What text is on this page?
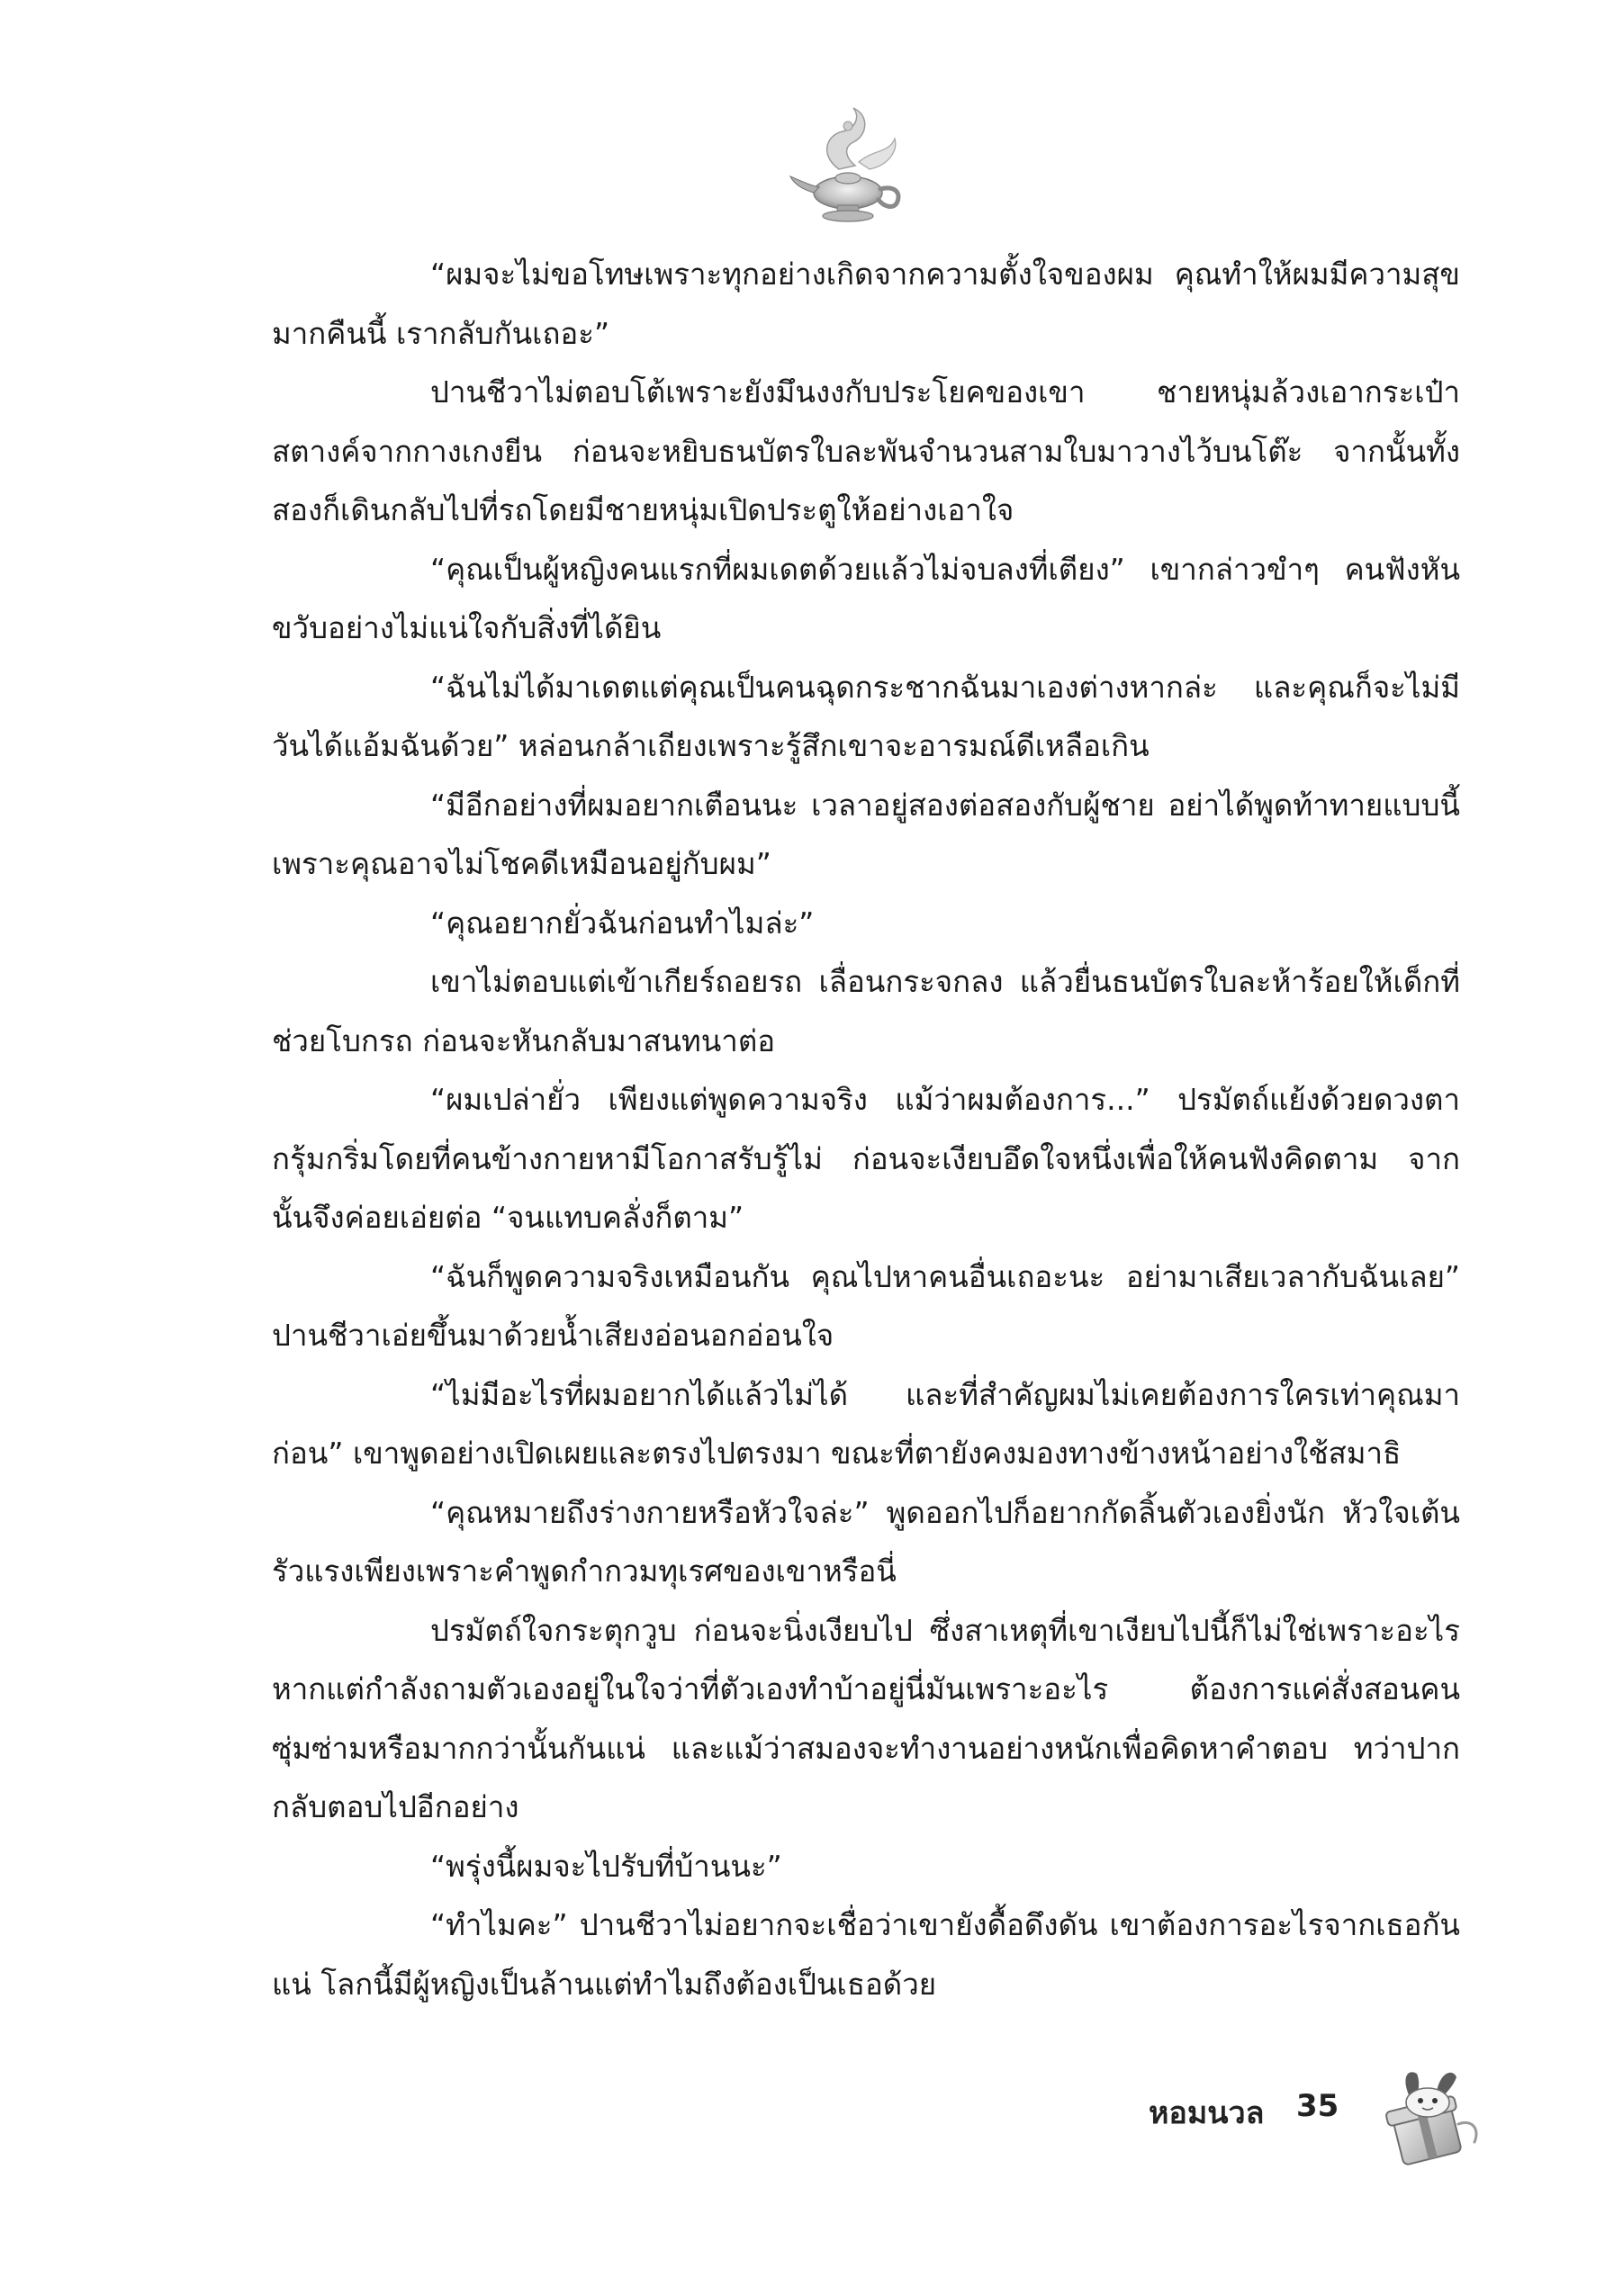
“ผมจะไม่ขอโทษเพราะทุกอย่างเกิดจากความตั้งใจของผม คุณทำให้ผมมีความสุขมากคืนนี้ เรากลับกันเถอะ”

ปานชีวาไม่ตอบโต้เพราะยังมึนงงกับประโยคของเขา ชายหนุ่มล้วงเอากระเป๋าสตางค์จากกางเกงยีน ก่อนจะหยิบธนบัตรใบละพันจำนวนสามใบมาวางไว้บนโต๊ะ จากนั้นทั้งสองก็เดินกลับไปที่รถโดยมีชายหนุ่มเปิดประตูให้อย่างเอาใจ

“คุณเป็นผู้หญิงคนแรกที่ผมเดตด้วยแล้วไม่จบลงที่เตียง” เขากล่าวขำๆ คนฟังหันขวับอย่างไม่แน่ใจกับสิ่งที่ได้ยิน

“ฉันไม่ได้มาเดตแต่คุณเป็นคนฉุดกระชากฉันมาเองต่างหากล่ะ และคุณก็จะไม่มีวันได้แอ้มฉันด้วย” หล่อนกล้าเถียงเพราะรู้สึกเขาจะอารมณ์ดีเหลือเกิน

“มีอีกอย่างที่ผมอยากเตือนนะ เวลาอยู่สองต่อสองกับผู้ชาย อย่าได้พูดท้าทายแบบนี้เพราะคุณอาจไม่โชคดีเหมือนอยู่กับผม”

“คุณอยากยั่วฉันก่อนทำไมล่ะ”

เขาไม่ตอบแต่เข้าเกียร์ถอยรถ เลื่อนกระจกลง แล้วยื่นธนบัตรใบละห้าร้อยให้เด็กที่ช่วยโบกรถ ก่อนจะหันกลับมาสนทนาต่อ

“ผมเปล่ายั่ว เพียงแต่พูดความจริง แม้ว่าผมต้องการ...” ปรมัตถ์แย้งด้วยดวงตากรุ้มกริ่มโดยที่คนข้างกายหามีโอกาสรับรู้ไม่ ก่อนจะเงียบอึดใจหนึ่งเพื่อให้คนฟังคิดตาม จากนั้นจึงค่อยเอ่ยต่อ “จนแทบคลั่งก็ตาม”

“ฉันก็พูดความจริงเหมือนกัน คุณไปหาคนอื่นเถอะนะ อย่ามาเสียเวลากับฉันเลย” ปานชีวาเอ่ยขึ้นมาด้วยน้ำเสียงอ่อนอกอ่อนใจ

“ไม่มีอะไรที่ผมอยากได้แล้วไม่ได้ และที่สำคัญผมไม่เคยต้องการใครเท่าคุณมาก่อน” เขาพูดอย่างเปิดเผยและตรงไปตรงมา ขณะที่ตายังคงมองทางข้างหน้าอย่างใช้สมาธิ

“คุณหมายถึงร่างกายหรือหัวใจล่ะ” พูดออกไปก็อยากกัดลิ้นตัวเองยิ่งนัก หัวใจเต้นรัวแรงเพียงเพราะคำพูดกำกวมทุเรศของเขาหรือนี่

ปรมัตถ์ใจกระตุกวูบ ก่อนจะนิ่งเงียบไป ซึ่งสาเหตุที่เขาเงียบไปนี้ก็ไม่ใช่เพราะอะไร หากแต่กำลังถามตัวเองอยู่ในใจว่าที่ตัวเองทำบ้าอยู่นี่มันเพราะอะไร ต้องการแค่สั่งสอนคนซุ่มซ่ามหรือมากกว่านั้นกันแน่ และแม้ว่าสมองจะทำงานอย่างหนักเพื่อคิดหาคำตอบ ทว่าปากกลับตอบไปอีกอย่าง

“พรุ่งนี้ผมจะไปรับที่บ้านนะ”

“ทำไมคะ” ปานชีวาไม่อยากจะเชื่อว่าเขายังดื้อดึงดัน เขาต้องการอะไรจากเธอกันแน่ โลกนี้มีผู้หญิงเป็นล้านแต่ทำไมถึงต้องเป็นเธอด้วย

หอมนวล 35
